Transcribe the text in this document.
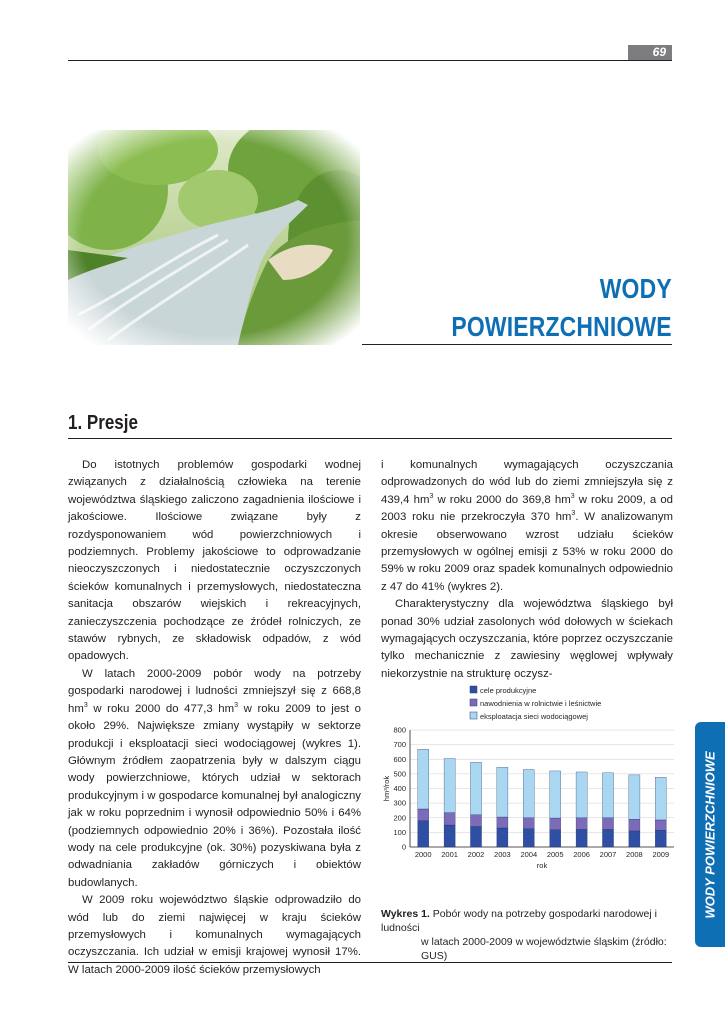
69
WODY
POWIERZCHNIOWE
1. Presje

Do istotnych problemów gospodarki wodnej związanych z działalnością człowieka na terenie województwa śląskiego zaliczono zagadnienia ilościowe i jakościowe. Ilościowe związane były z rozdysponowaniem wód powierzchniowych i podziemnych. Problemy jakościowe to odprowadzanie nieoczyszczonych i niedostatecznie oczyszczonych ścieków komunalnych i przemysłowych, niedostateczna sanitacja obszarów wiejskich i rekreacyjnych, zanieczyszczenia pochodzące ze źródeł rolniczych, ze stawów rybnych, ze składowisk odpadów, z wód opadowych.

W latach 2000-2009 pobór wody na potrzeby gospodarki narodowej i ludności zmniejszył się z 668,8 $hm^3$ w roku 2000 do 477,3 $hm^3$ w roku 2009 to jest o około 29%. Największe zmiany wystąpiły w sektorze produkcji i eksploatacji sieci wodociągowej (wykres 1). Głównym źródłem zaopatrzenia były w dalszym ciągu wody powierzchniowe, których udział w sektorach produkcyjnym i w gospodarce komunalnej był analogiczny jak w roku poprzednim i wynosił odpowiednio 50% i 64% (podziemnych odpowiednio 20% i 36%). Pozostała ilość wody na cele produkcyjne (ok. 30%) pozyskiwana była z odwadniania zakładów górniczych i obiektów budowlanych.

W 2009 roku województwo śląskie odprowadziło do wód lub do ziemi najwięcej w kraju ścieków przemysłowych i komunalnych wymagających oczyszczania. Ich udział w emisji krajowej wynosił 17%. W latach 2000-2009 ilość ścieków przemysłowych

i komunalnych wymagających oczyszczania odprowadzonych do wód lub do ziemi zmniejszyła się z 439,4 $hm^3$ w roku 2000 do 369,8 $hm^3$ w roku 2009, a od 2003 roku nie przekroczyła 370 $hm^3$. W analizowanym okresie obserwowano wzrost udziału ścieków przemysłowych w ogólnej emisji z 53% w roku 2000 do 59% w roku 2009 oraz spadek komunalnych odpowiednio z 47 do 41% (wykres 2).

Charakterystyczny dla województwa śląskiego był ponad 30% udział zasolonych wód dołowych w ściekach wymagających oczyszczania, które poprzez oczyszczanie tylko mechanicznie z zawiesiny węglowej wpływały niekorzystnie na strukturę oczysz-

cele produkcyjne
nawodnienia w rolnictwie i leśnictwie
eksploatacja sieci wodociągowej
0
100
200
300
400
500
600
700
800
2000 2001 2002 2003 2004 2005 2006 2007 2008 2009
rok
hm³/rok
Wykres 1. Pobór wody na potrzeby gospodarki narodowej i ludności
w latach 2000-2009 w województwie śląskim (źródło: GUS)
WODY POWIERZCHNIOWE
